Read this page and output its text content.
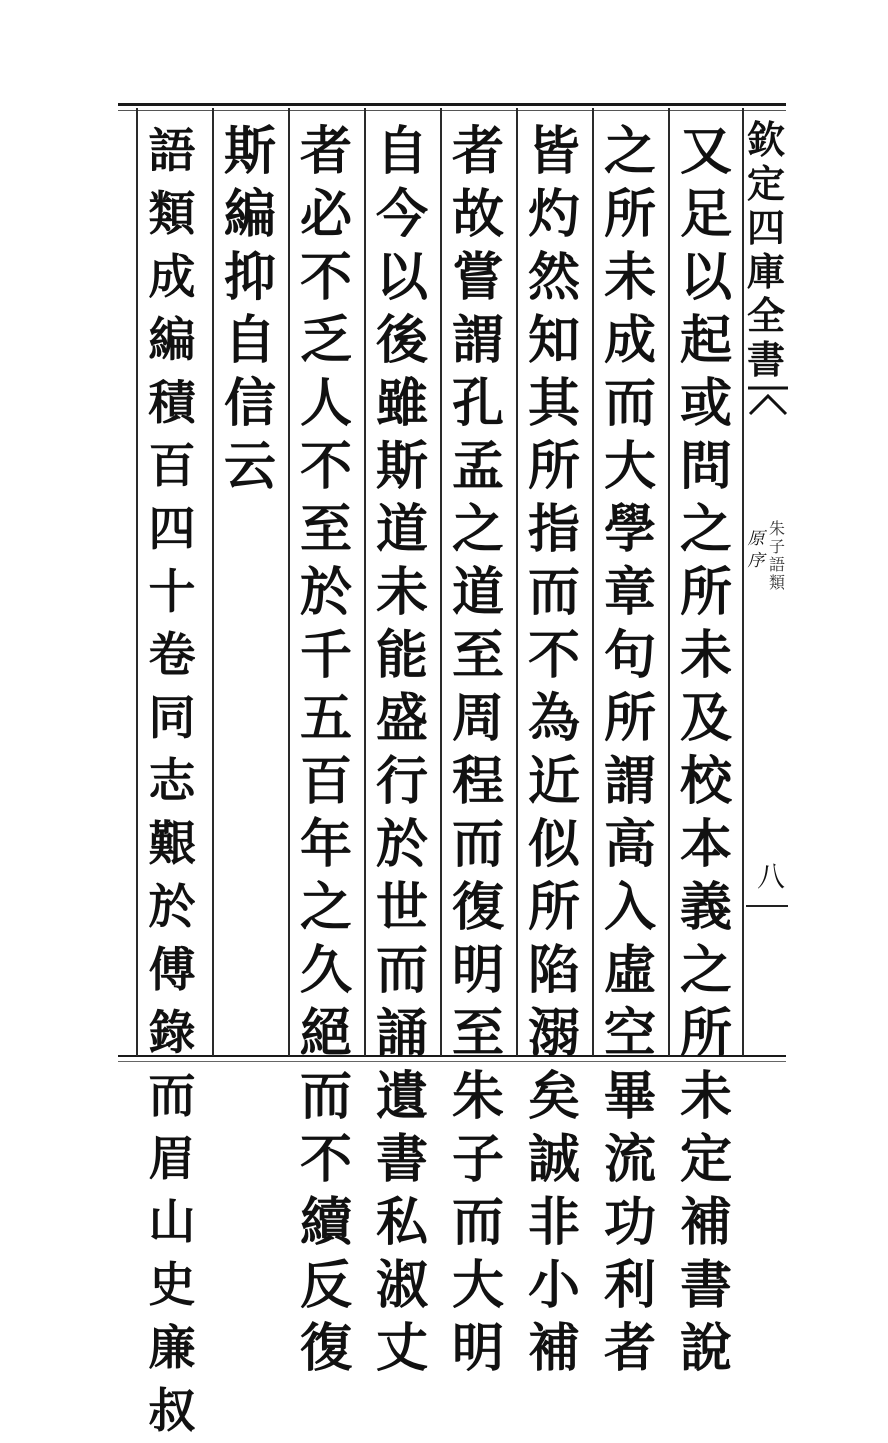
欽
定
四
庫
全
書
朱
子
語
類
原
序
八
又
足
以
起
或
問
之
所
未
及
校
本
義
之
所
未
定
補
書
說
之
所
未
成
而
大
學
章
句
所
謂
高
入
虛
空
畢
流
功
利
者
皆
灼
然
知
其
所
指
而
不
為
近
似
所
陷
溺
矣
誠
非
小
補
者
故
嘗
謂
孔
孟
之
道
至
周
程
而
復
明
至
朱
子
而
大
明
自
今
以
後
雖
斯
道
未
能
盛
行
於
世
而
誦
遺
書
私
淑
丈
者
必
不
乏
人
不
至
於
千
五
百
年
之
久
絕
而
不
續
反
復
斯
編
抑
自
信
云
語
類
成
編
積
百
四
十
卷
同
志
艱
於
傅
錄
而
眉
山
史
廉
叔
